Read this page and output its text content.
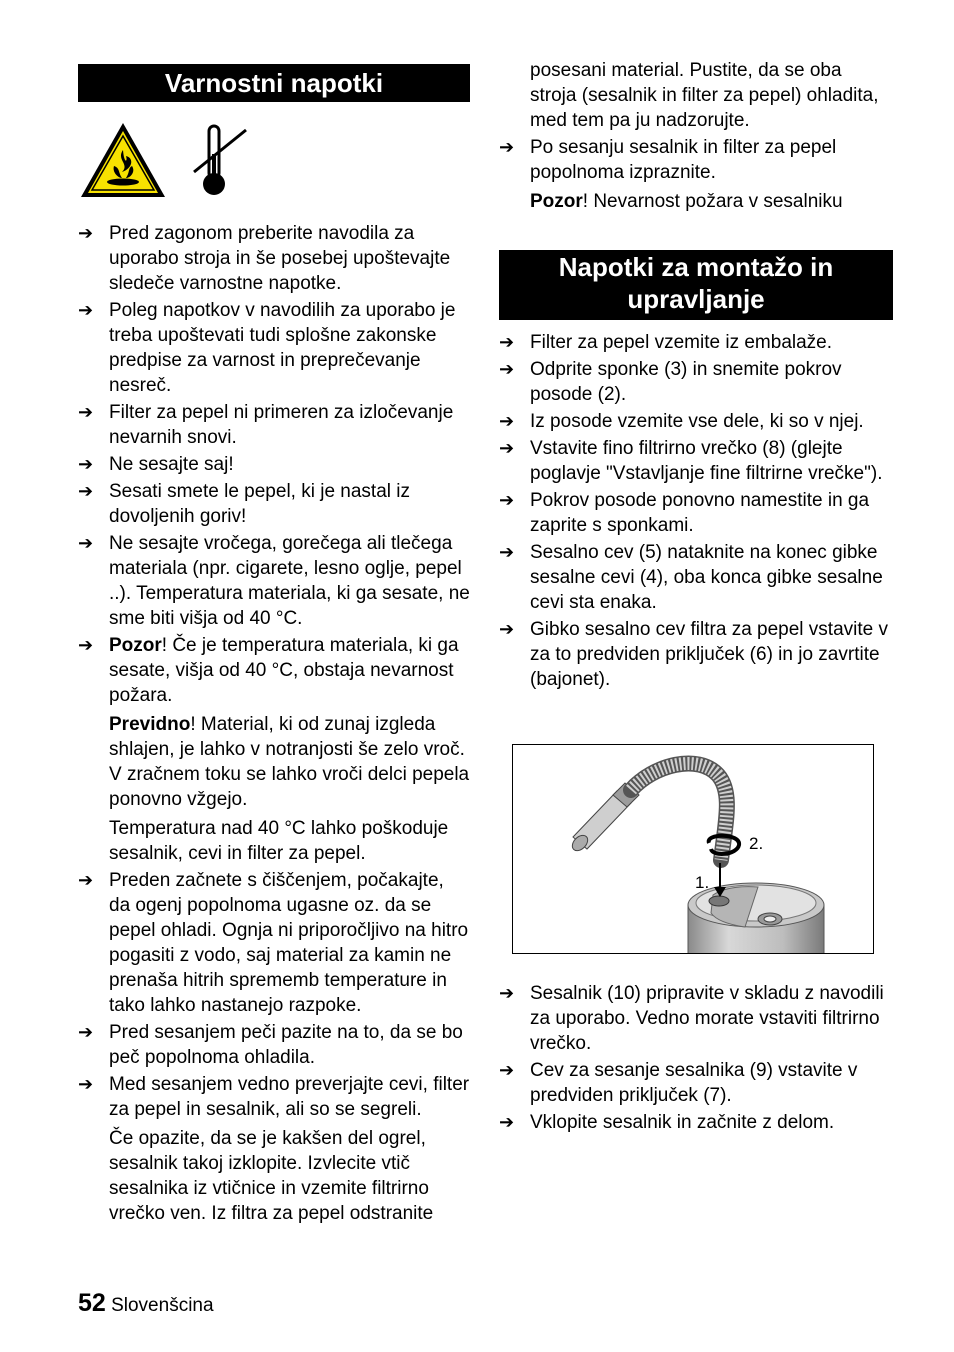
Varnostni napotki
➔ Pred zagonom preberite navodila za uporabo stroja in še posebej upoštevajte sledeče varnostne napotke.
➔ Poleg napotkov v navodilih za uporabo je treba upoštevati tudi splošne zakonske predpise za varnost in preprečevanje nesreč.
➔ Filter za pepel ni primeren za izločevanje nevarnih snovi.
➔ Ne sesajte saj!
➔ Sesati smete le pepel, ki je nastal iz dovoljenih goriv!
➔ Ne sesajte vročega, gorečega ali tlečega materiala (npr. cigarete, lesno oglje, pepel ..). Temperatura materiala, ki ga sesate, ne sme biti višja od 40 °C.
➔ Pozor! Če je temperatura materiala, ki ga sesate, višja od 40 °C, obstaja nevarnost požara.
Previdno! Material, ki od zunaj izgleda shlajen, je lahko v notranjosti še zelo vroč. V zračnem toku se lahko vroči delci pepela ponovno vžgejo.
Temperatura nad 40 °C lahko poškoduje sesalnik, cevi in filter za pepel.
➔ Preden začnete s čiščenjem, počakajte, da ogenj popolnoma ugasne oz. da se pepel ohladi. Ognja ni priporočljivo na hitro pogasiti z vodo, saj material za kamin ne prenaša hitrih sprememb temperature in tako lahko nastanejo razpoke.
➔ Pred sesanjem peči pazite na to, da se bo peč popolnoma ohladila.
➔ Med sesanjem vedno preverjajte cevi, filter za pepel in sesalnik, ali so se segreli.
Če opazite, da se je kakšen del ogrel, sesalnik takoj izklopite. Izvlecite vtič sesalnika iz vtičnice in vzemite filtrirno vrečko ven. Iz filtra za pepel odstranite
posesani material. Pustite, da se oba stroja (sesalnik in filter za pepel) ohladita, med tem pa ju nadzorujte.
➔ Po sesanju sesalnik in filter za pepel popolnoma izpraznite.
Pozor! Nevarnost požara v sesalniku
Napotki za montažo in upravljanje
➔ Filter za pepel vzemite iz embalaže.
➔ Odprite sponke (3) in snemite pokrov posode (2).
➔ Iz posode vzemite vse dele, ki so v njej.
➔ Vstavite fino filtrirno vrečko (8) (glejte poglavje "Vstavljanje fine filtrirne vrečke").
➔ Pokrov posode ponovno namestite in ga zaprite s sponkami.
➔ Sesalno cev (5) nataknite na konec gibke sesalne cevi (4), oba konca gibke sesalne cevi sta enaka.
➔ Gibko sesalno cev filtra za pepel vstavite v za to predviden priključek (6) in jo zavrtite (bajonet).
2.
1.
➔ Sesalnik (10) pripravite v skladu z navodili za uporabo. Vedno morate vstaviti filtrirno vrečko.
➔ Cev za sesanje sesalnika (9) vstavite v predviden priključek (7).
➔ Vklopite sesalnik in začnite z delom.
52 Slovenšcina
